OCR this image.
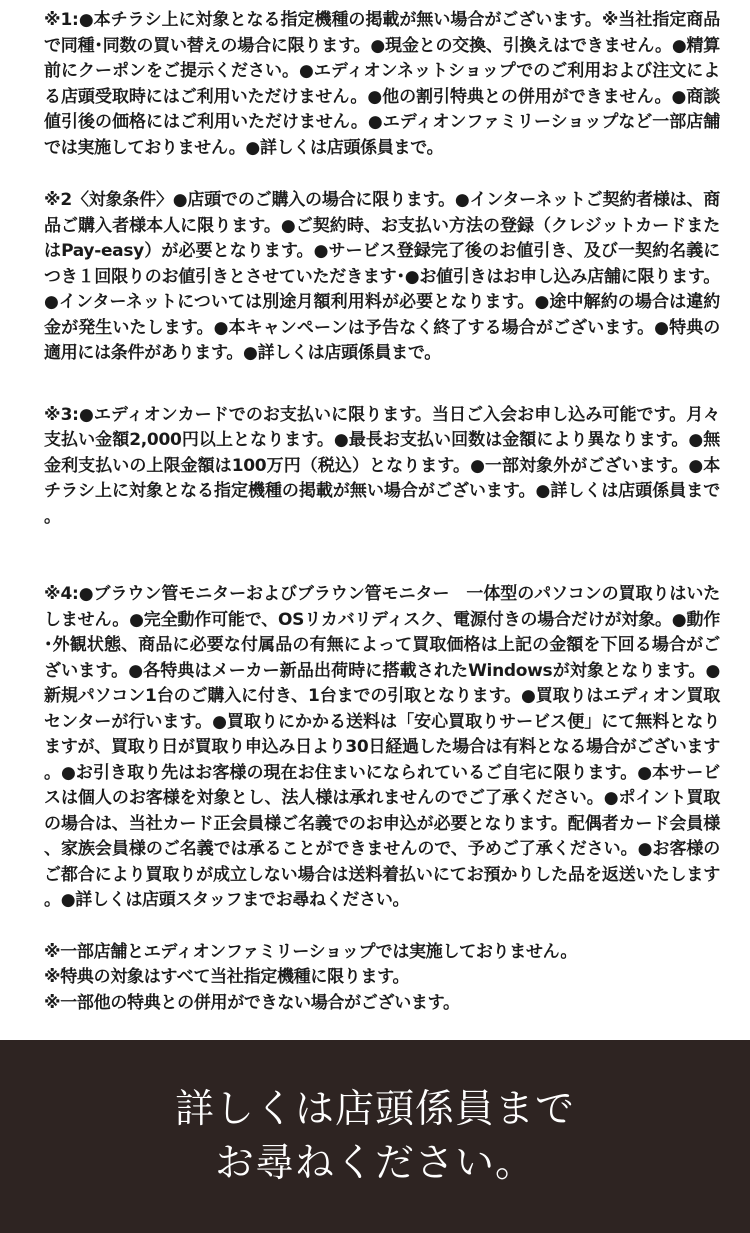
※1:●本チラシ上に対象となる指定機種の掲載が無い場合がございます。※当社指定商品で同種･同数の買い替えの場合に限ります。●現金との交換、引換えはできません。●精算前にクーポンをご提示ください。●エディオンネットショップでのご利用および注文による店頭受取時にはご利用いただけません。●他の割引特典との併用ができません。●商談値引後の価格にはご利用いただけません。●エディオンファミリーショップなど一部店舗では実施しておりません。●詳しくは店頭係員まで。

※2〈対象条件〉●店頭でのご購入の場合に限ります。●インターネットご契約者様は、商品ご購入者様本人に限ります。●ご契約時、お支払い方法の登録（クレジットカードまたはPay-easy）が必要となります。●サービス登録完了後のお値引き、及び一契約名義につき１回限りのお値引きとさせていただきます･●お値引きはお申し込み店舗に限ります。●インターネットについては別途月額利用料が必要となります。●途中解約の場合は違約金が発生いたします。●本キャンペーンは予告なく終了する場合がございます。●特典の適用には条件があります。●詳しくは店頭係員まで。

※3:●エディオンカードでのお支払いに限ります。当日ご入会お申し込み可能です。月々支払い金額2,000円以上となります。●最長お支払い回数は金額により異なります。●無金利支払いの上限金額は100万円（税込）となります。●一部対象外がございます。●本チラシ上に対象となる指定機種の掲載が無い場合がございます。●詳しくは店頭係員まで。

※4:●ブラウン管モニターおよびブラウン管モニター　一体型のパソコンの買取りはいたしません。●完全動作可能で、OSリカバリディスク、電源付きの場合だけが対象。●動作･外観状態、商品に必要な付属品の有無によって買取価格は上記の金額を下回る場合がございます。●各特典はメーカー新品出荷時に搭載されたWindowsが対象となります。●新規パソコン1台のご購入に付き、1台までの引取となります。●買取りはエディオン買取センターが行います。●買取りにかかる送料は「安心買取りサービス便」にて無料となりますが、買取り日が買取り申込み日より30日経過した場合は有料となる場合がございます。●お引き取り先はお客様の現在お住まいになられているご自宅に限ります。●本サービスは個人のお客様を対象とし、法人様は承れませんのでご了承ください。●ポイント買取の場合は、当社カード正会員様ご名義でのお申込が必要となります。配偶者カード会員様、家族会員様のご名義では承ることができませんので、予めご了承ください。●お客様のご都合により買取りが成立しない場合は送料着払いにてお預かりした品を返送いたします。●詳しくは店頭スタッフまでお尋ねください。

※一部店舗とエディオンファミリーショップでは実施しておりません。

※特典の対象はすべて当社指定機種に限ります。

※一部他の特典との併用ができない場合がございます。

詳しくは店頭係員まで
お尋ねください。
